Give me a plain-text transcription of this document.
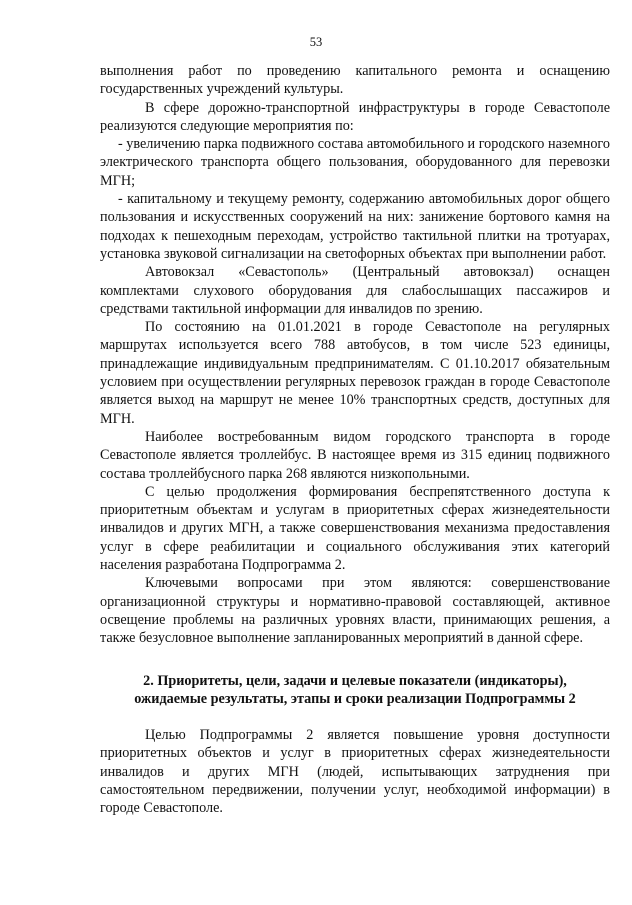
53

выполнения работ по проведению капитального ремонта и оснащению государственных учреждений культуры.

В сфере дорожно-транспортной инфраструктуры в городе Севастополе реализуются следующие мероприятия по:

- увеличению парка подвижного состава автомобильного и городского наземного электрического транспорта общего пользования, оборудованного для перевозки МГН;

- капитальному и текущему ремонту, содержанию автомобильных дорог общего пользования и искусственных сооружений на них: занижение бортового камня на подходах к пешеходным переходам, устройство тактильной плитки на тротуарах, установка звуковой сигнализации на светофорных объектах при выполнении работ.

Автовокзал «Севастополь» (Центральный автовокзал) оснащен комплектами слухового оборудования для слабослышащих пассажиров и средствами тактильной информации для инвалидов по зрению.

По состоянию на 01.01.2021 в городе Севастополе на регулярных маршрутах используется всего 788 автобусов, в том числе 523 единицы, принадлежащие индивидуальным предпринимателям. С 01.10.2017 обязательным условием при осуществлении регулярных перевозок граждан в городе Севастополе является выход на маршрут не менее 10% транспортных средств, доступных для МГН.

Наиболее востребованным видом городского транспорта в городе Севастополе является троллейбус. В настоящее время из 315 единиц подвижного состава троллейбусного парка 268 являются низкопольными.

С целью продолжения формирования беспрепятственного доступа к приоритетным объектам и услугам в приоритетных сферах жизнедеятельности инвалидов и других МГН, а также совершенствования механизма предоставления услуг в сфере реабилитации и социального обслуживания этих категорий населения разработана Подпрограмма 2.

Ключевыми вопросами при этом являются: совершенствование организационной структуры и нормативно-правовой составляющей, активное освещение проблемы на различных уровнях власти, принимающих решения, а также безусловное выполнение запланированных мероприятий в данной сфере.

2. Приоритеты, цели, задачи и целевые показатели (индикаторы),
ожидаемые результаты, этапы и сроки реализации Подпрограммы 2

Целью Подпрограммы 2 является повышение уровня доступности приоритетных объектов и услуг в приоритетных сферах жизнедеятельности инвалидов и других МГН (людей, испытывающих затруднения при самостоятельном передвижении, получении услуг, необходимой информации) в городе Севастополе.
